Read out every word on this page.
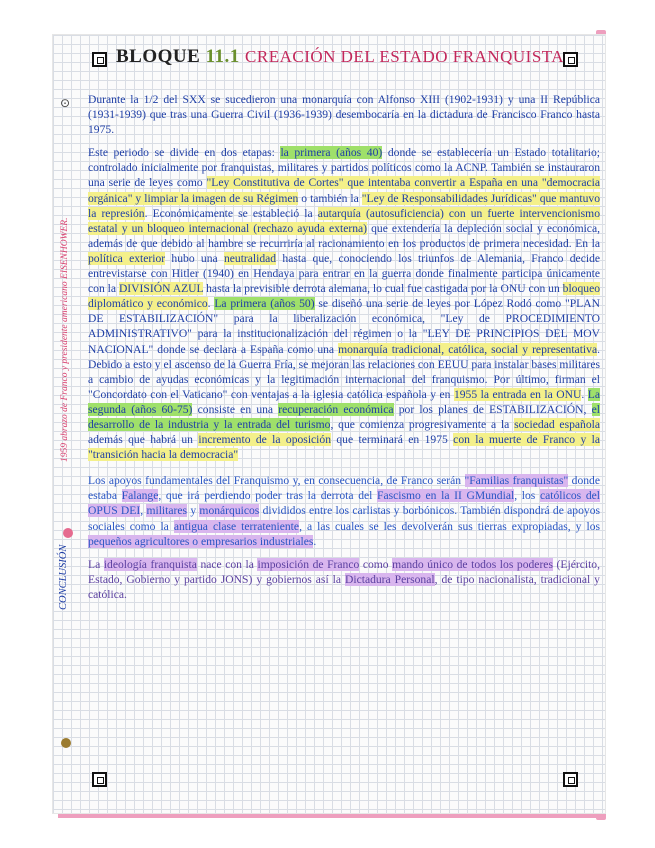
BLOQUE 11.1 CREACIÓN DEL ESTADO FRANQUISTA
⊙
1959 abrazo de Franco y presidente americano EISENHOWER.
CONCLUSIÓN

Durante la 1/2 del SXX se sucedieron una monarquía con Alfonso XIII (1902-1931) y una II República (1931-1939) que tras una Guerra Civil (1936-1939) desembocaría en la dictadura de Francisco Franco hasta 1975.

Este periodo se divide en dos etapas: la primera (años 40) donde se establecería un Estado totalitario; controlado inicialmente por franquistas, militares y partidos políticos como la ACNP. También se instauraron una serie de leyes como "Ley Constitutiva de Cortes" que intentaba convertir a España en una "democracia orgánica" y limpiar la imagen de su Régimen o también la "Ley de Responsabilidades Jurídicas" que mantuvo la represión. Económicamente se estableció la autarquía (autosuficiencia) con un fuerte intervencionismo estatal y un bloqueo internacional (rechazo ayuda externa) que extendería la depleción social y económica, además de que debido al hambre se recurriría al racionamiento en los productos de primera necesidad. En la política exterior hubo una neutralidad hasta que, conociendo los triunfos de Alemania, Franco decide entrevistarse con Hitler (1940) en Hendaya para entrar en la guerra donde finalmente participa únicamente con la DIVISIÓN AZUL hasta la previsible derrota alemana, lo cual fue castigada por la ONU con un bloqueo diplomático y económico. La primera (años 50) se diseñó una serie de leyes por López Rodó como "PLAN DE ESTABILIZACIÓN" para la liberalización económica, "Ley de PROCEDIMIENTO ADMINISTRATIVO" para la institucionalización del régimen o la "LEY DE PRINCIPIOS DEL MOV NACIONAL" donde se declara a España como una monarquía tradicional, católica, social y representativa. Debido a esto y el ascenso de la Guerra Fría, se mejoran las relaciones con EEUU para instalar bases militares a cambio de ayudas económicas y la legitimación internacional del franquismo. Por último, firman el "Concordato con el Vaticano" con ventajas a la iglesia católica española y en 1955 la entrada en la ONU. La segunda (años 60-75) consiste en una recuperación económica por los planes de ESTABILIZACIÓN, el desarrollo de la industria y la entrada del turismo, que comienza progresivamente a la sociedad española además que habrá un incremento de la oposición que terminará en 1975 con la muerte de Franco y la "transición hacia la democracia"

Los apoyos fundamentales del Franquismo y, en consecuencia, de Franco serán "Familias franquistas" donde estaba Falange, que irá perdiendo poder tras la derrota del Fascismo en la II GMundial, los católicos del OPUS DEI, militares y monárquicos divididos entre los carlistas y borbónicos. También dispondrá de apoyos sociales como la antigua clase terrateniente, a las cuales se les devolverán sus tierras expropiadas, y los pequeños agricultores o empresarios industriales.

La ideología franquista nace con la imposición de Franco como mando único de todos los poderes (Ejército, Estado, Gobierno y partido JONS) y gobiernos así la Dictadura Personal, de tipo nacionalista, tradicional y católica.
